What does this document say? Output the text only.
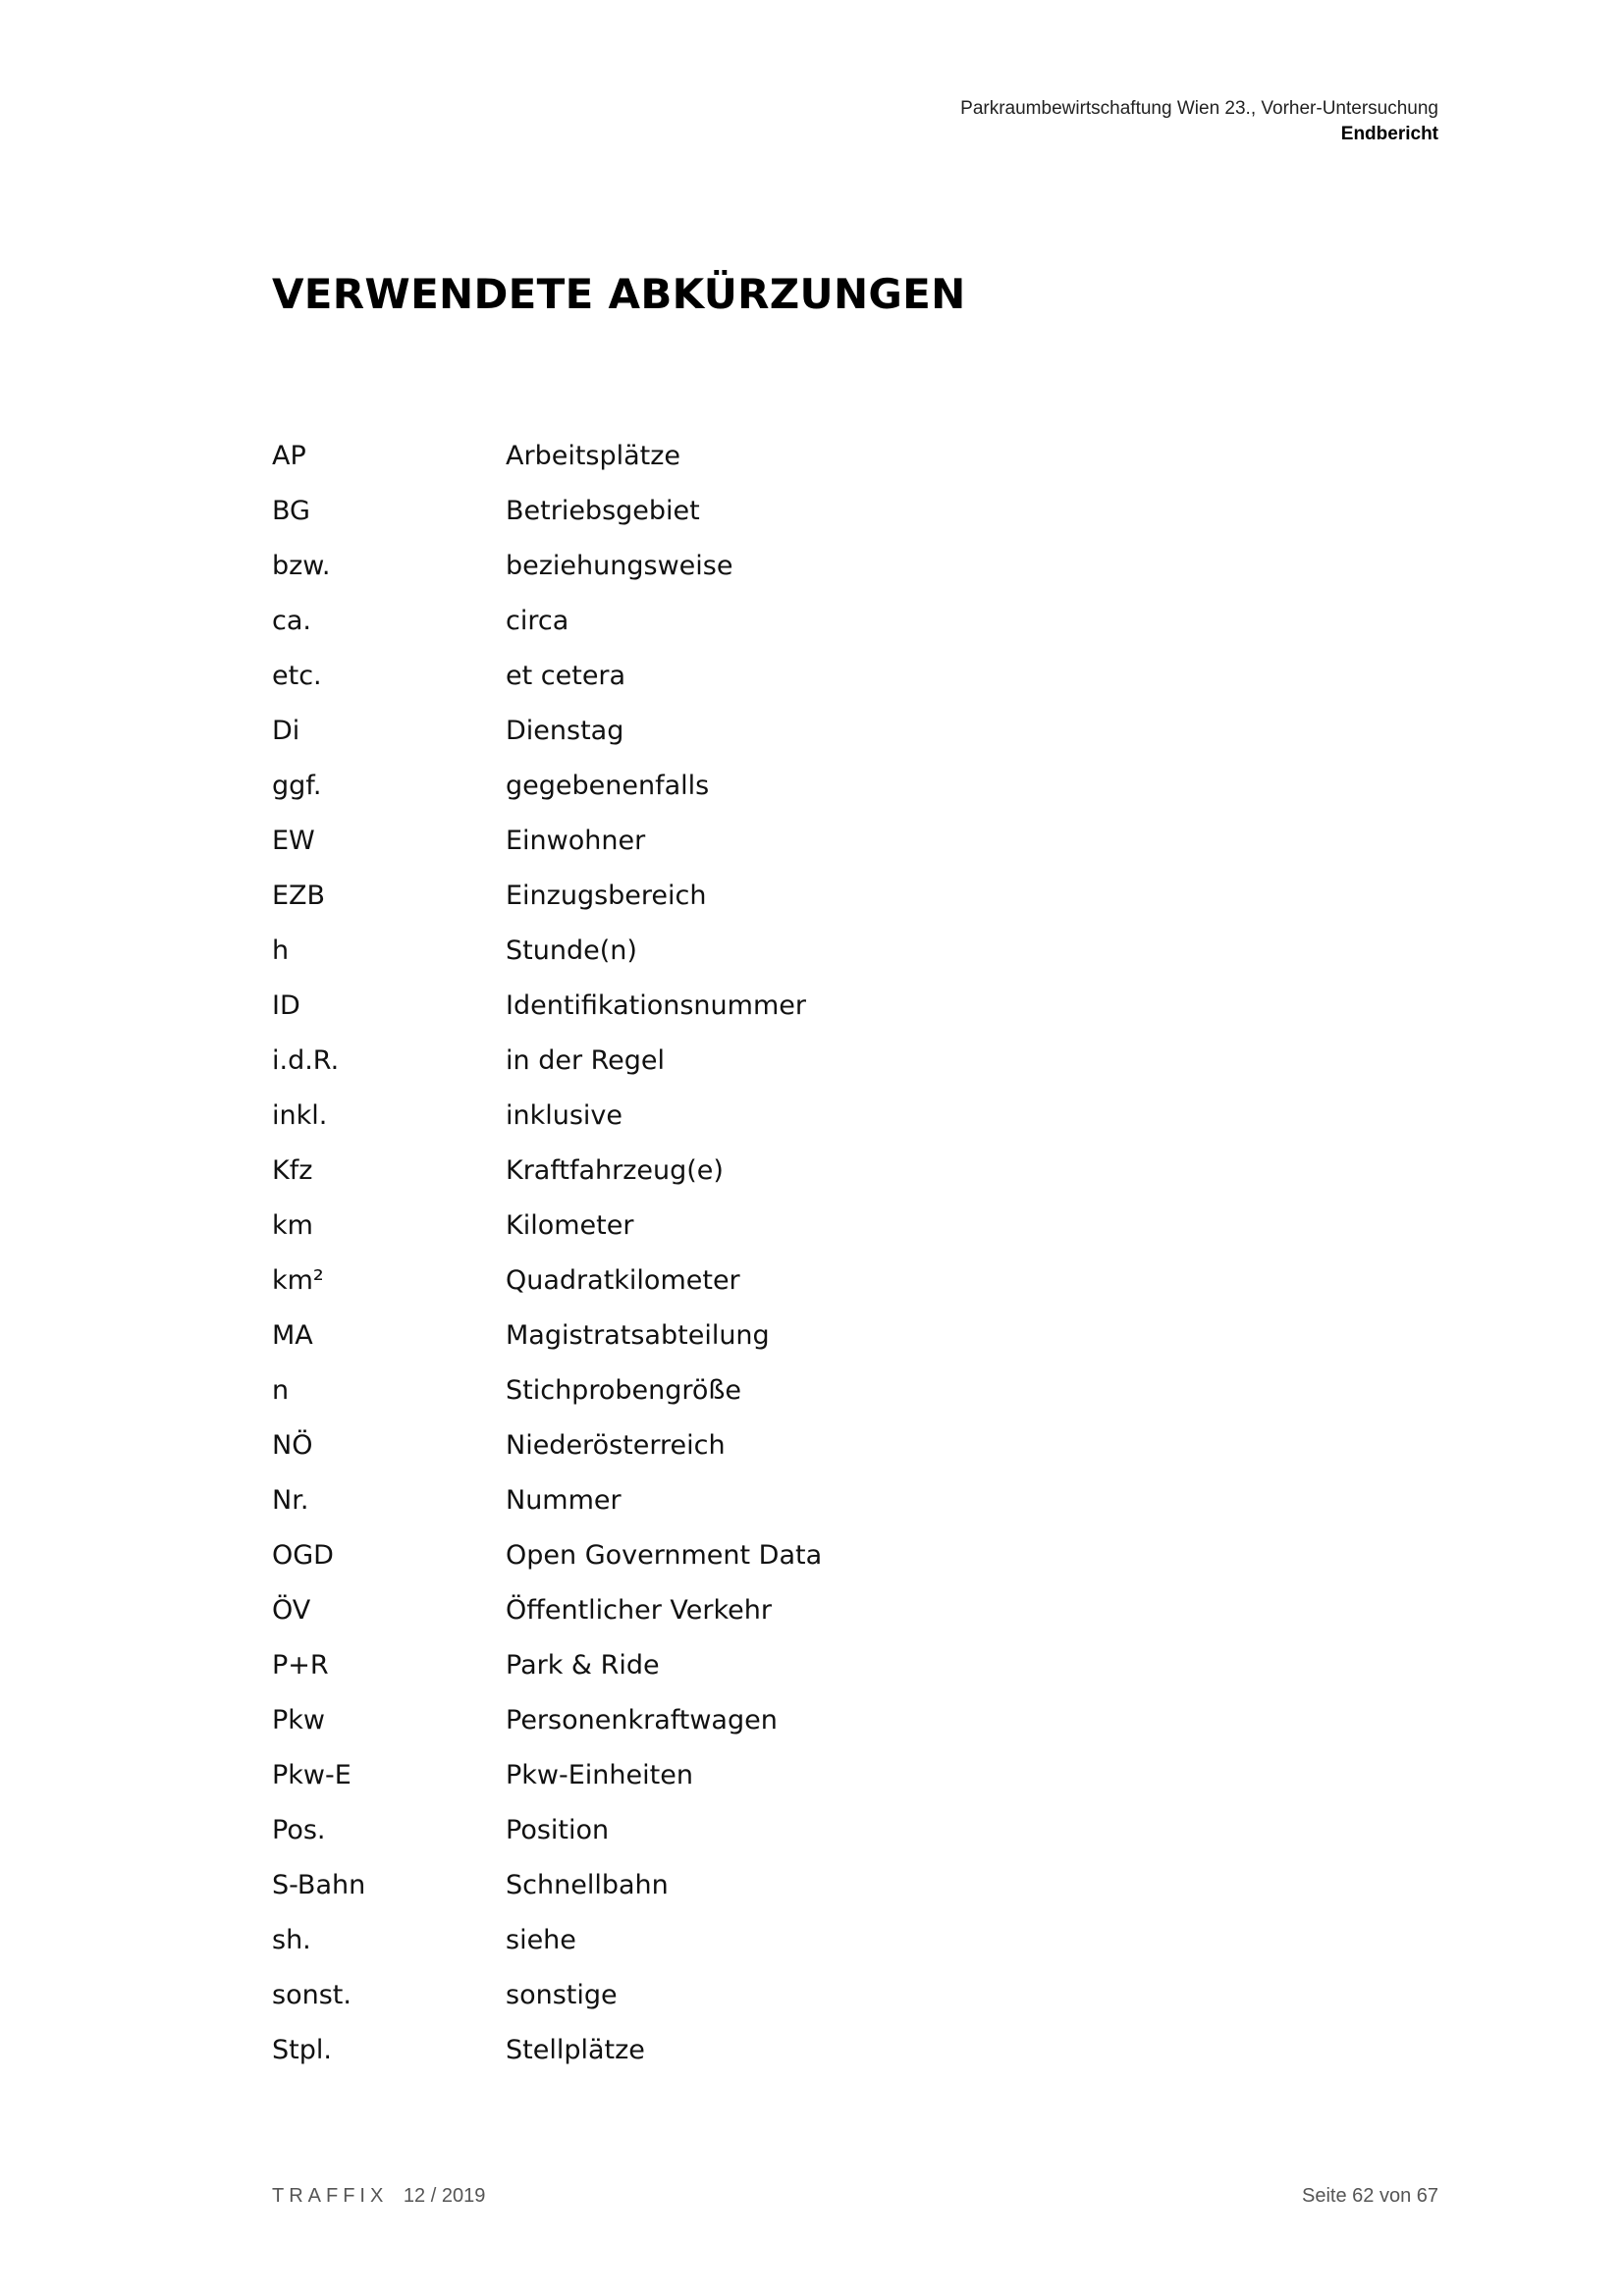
Parkraumbewirtschaftung Wien 23., Vorher-Untersuchung
Endbericht
VERWENDETE ABKÜRZUNGEN
AP	Arbeitsplätze
BG	Betriebsgebiet
bzw.	beziehungsweise
ca.	circa
etc.	et cetera
Di	Dienstag
ggf.	gegebenenfalls
EW	Einwohner
EZB	Einzugsbereich
h	Stunde(n)
ID	Identifikationsnummer
i.d.R.	in der Regel
inkl.	inklusive
Kfz	Kraftfahrzeug(e)
km	Kilometer
km²	Quadratkilometer
MA	Magistratsabteilung
n	Stichprobengröße
NÖ	Niederösterreich
Nr.	Nummer
OGD	Open Government Data
ÖV	Öffentlicher Verkehr
P+R	Park & Ride
Pkw	Personenkraftwagen
Pkw-E	Pkw-Einheiten
Pos.	Position
S-Bahn	Schnellbahn
sh.	siehe
sonst.	sonstige
Stpl.	Stellplätze
TRAFFIX 12 / 2019	Seite 62 von 67
